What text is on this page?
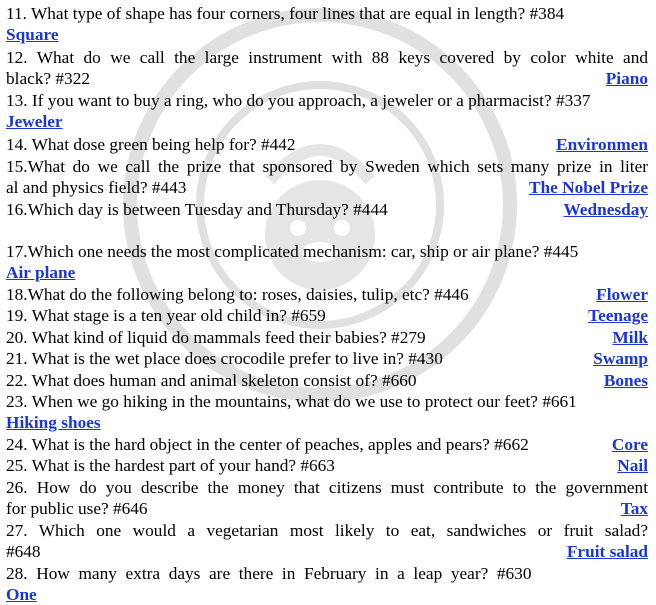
11. What type of shape has four corners, four lines that are equal in length? #384
Square
12. What do we call the large instrument with 88 keys covered by color white and
black? #322	Piano
13. If you want to buy a ring, who do you approach, a jeweler or a pharmacist? #337
Jeweler
14. What dose green being help for? #442	Environmen
15.What do we call the prize that sponsored by Sweden which sets many prize in liter
al and physics field? #443	The Nobel Prize
16.Which day is between Tuesday and Thursday? #444	Wednesday
17.Which one needs the most complicated mechanism: car, ship or air plane? #445
Air plane
18.What do the following belong to: roses, daisies, tulip, etc? #446	Flower
19. What stage is a ten year old child in? #659	Teenage
20. What kind of liquid do mammals feed their babies? #279	Milk
21. What is the wet place does crocodile prefer to live in? #430	Swamp
22. What does human and animal skeleton consist of? #660	Bones
23. When we go hiking in the mountains, what do we use to protect our feet? #661
Hiking shoes
24. What is the hard object in the center of peaches, apples and pears? #662	Core
25. What is the hardest part of your hand? #663	Nail
26. How do you describe the money that citizens must contribute to the government
for public use? #646	Tax
27. Which one would a vegetarian most likely to eat, sandwiches or fruit salad?
#648	Fruit salad
28.  How  many  extra  days  are  there  in  February  in  a  leap  year?  #630
One
